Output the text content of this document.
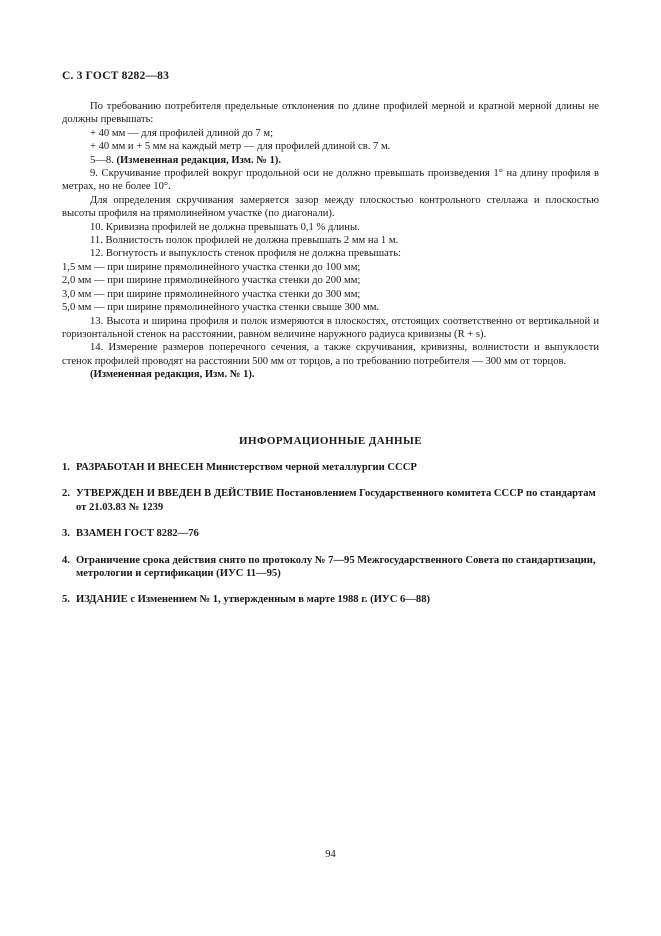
С. 3 ГОСТ 8282—83

По требованию потребителя предельные отклонения по длине профилей мерной и кратной мерной длины не должны превышать:

+ 40 мм — для профилей длиной до 7 м;

+ 40 мм и + 5 мм на каждый метр — для профилей длиной св. 7 м.

5—8. (Измененная редакция, Изм. № 1).

9. Скручивание профилей вокруг продольной оси не должно превышать произведения 1° на длину профиля в метрах, но не более 10°.

Для определения скручивания замеряется зазор между плоскостью контрольного стеллажа и плоскостью высоты профиля на прямолинейном участке (по диагонали).

10. Кривизна профилей не должна превышать 0,1 % длины.

11. Волнистость полок профилей не должна превышать 2 мм на 1 м.

12. Вогнутость и выпуклость стенок профиля не должна превышать:

1,5 мм — при ширине прямолинейного участка стенки до 100 мм;

2,0 мм — при ширине прямолинейного участка стенки до 200 мм;

3,0 мм — при ширине прямолинейного участка стенки до 300 мм;

5,0 мм — при ширине прямолинейного участка стенки свыше 300 мм.

13. Высота и ширина профиля и полок измеряются в плоскостях, отстоящих соответственно от вертикальной и горизонтальной стенок на расстоянии, равном величине наружного радиуса кривизны (R + s).

14. Измерение размеров поперечного сечения, а также скручивания, кривизны, волнистости и выпуклости стенок профилей проводят на расстоянии 500 мм от торцов, а по требованию потребителя — 300 мм от торцов.

(Измененная редакция, Изм. № 1).

ИНФОРМАЦИОННЫЕ ДАННЫЕ
1. РАЗРАБОТАН И ВНЕСЕН Министерством черной металлургии СССР
2. УТВЕРЖДЕН И ВВЕДЕН В ДЕЙСТВИЕ Постановлением Государственного комитета СССР по стандартам от 21.03.83 № 1239
3. ВЗАМЕН ГОСТ 8282—76
4. Ограничение срока действия снято по протоколу № 7—95 Межгосударственного Совета по стандартизации, метрологии и сертификации (ИУС 11—95)
5. ИЗДАНИЕ с Изменением № 1, утвержденным в марте 1988 г. (ИУС 6—88)
94
